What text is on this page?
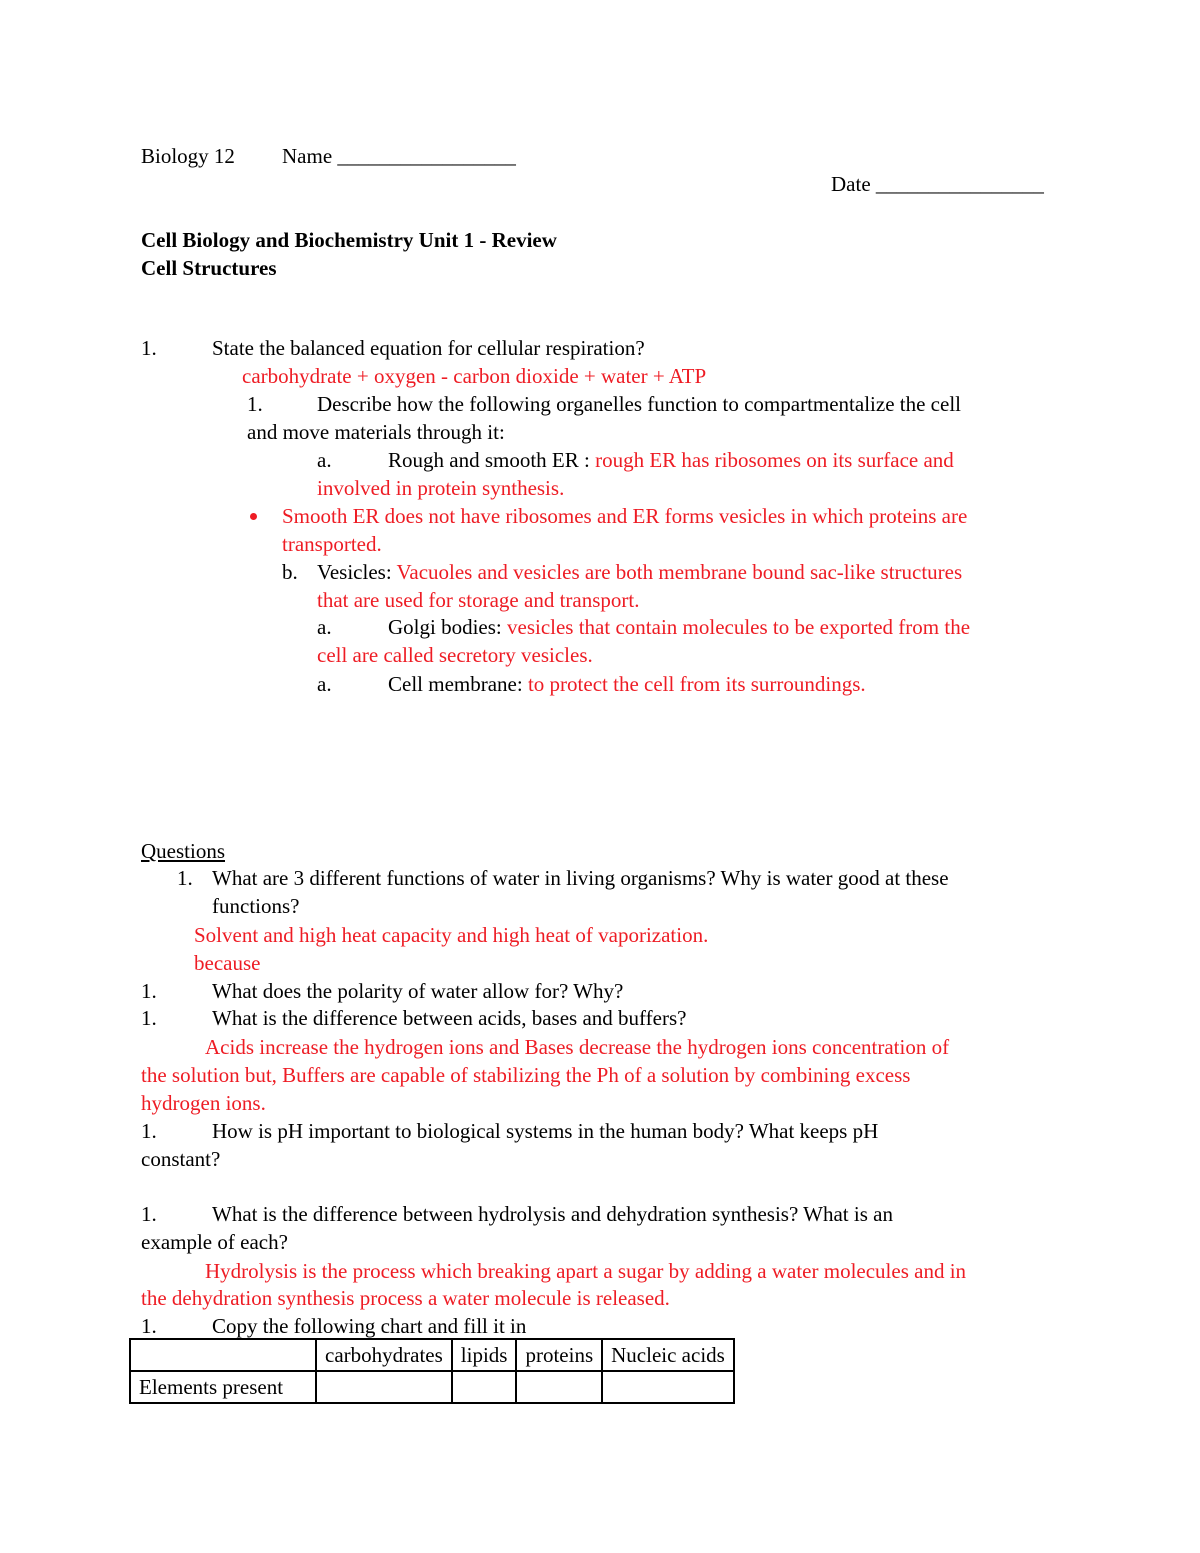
Biology 12 Name _________________
Date ________________
Cell Biology and Biochemistry Unit 1 - Review
Cell Structures
1.	State the balanced equation for cellular respiration?
carbohydrate + oxygen - carbon dioxide + water + ATP
1.	Describe how the following organelles function to compartmentalize the cell
and move materials through it:
a.	Rough and smooth ER : rough ER has ribosomes on its surface and
involved in protein synthesis.
Smooth ER does not have ribosomes and ER forms vesicles in which proteins are
transported.
b. Vesicles: Vacuoles and vesicles are both membrane bound sac-like structures
that are used for storage and transport.
a.	Golgi bodies: vesicles that contain molecules to be exported from the
cell are called secretory vesicles.
a.	Cell membrane: to protect the cell from its surroundings.
Questions
1. What are 3 different functions of water in living organisms? Why is water good at these
functions?
Solvent and high heat capacity and high heat of vaporization.
because
1.	What does the polarity of water allow for? Why?
1.	What is the difference between acids, bases and buffers?
Acids increase the hydrogen ions and Bases decrease the hydrogen ions concentration of
the solution but, Buffers are capable of stabilizing the Ph of a solution by combining excess
hydrogen ions.
1.	How is pH important to biological systems in the human body? What keeps pH
constant?
1.	What is the difference between hydrolysis and dehydration synthesis? What is an
example of each?
Hydrolysis is the process which breaking apart a sugar by adding a water molecules and in
the dehydration synthesis process a water molecule is released.
1.	Copy the following chart and fill it in
	carbohydrates	lipids	proteins	Nucleic acids
Elements present				
